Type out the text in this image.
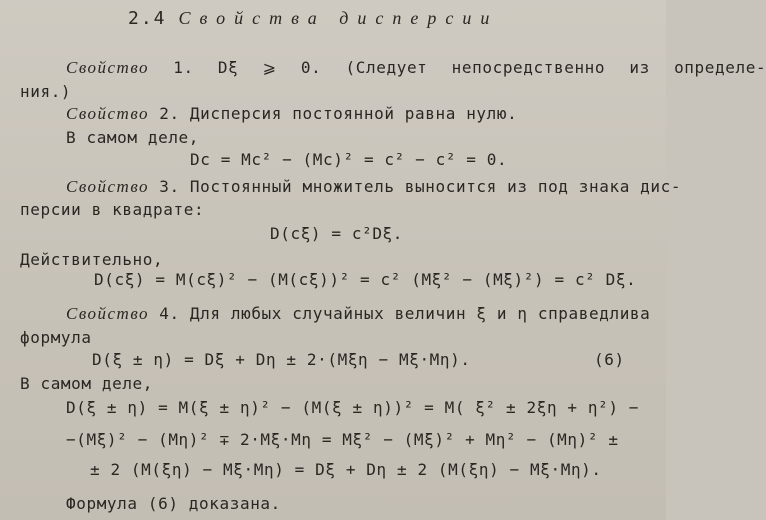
2.4 Свойства дисперсии
Свойство 1. Dξ ⩾ 0. (Следует непосредственно из определе-
ния.)
Свойство 2. Дисперсия постоянной равна нулю.
В самом деле,
Dc = Mc² − (Mc)² = c² − c² = 0.
Свойство 3. Постоянный множитель выносится из под знака дис-
персии в квадрате:
D(cξ) = c²Dξ.
Действительно,
D(cξ) = M(cξ)² − (M(cξ))² = c² (Mξ² − (Mξ)²) = c² Dξ.
Свойство 4. Для любых случайных величин ξ и η справедлива
формула
D(ξ ± η) = Dξ + Dη ± 2·(Mξη − Mξ·Mη).	(6)
В самом деле,
D(ξ ± η) = M(ξ ± η)² − (M(ξ ± η))² = M( ξ² ± 2ξη + η²) −
−(Mξ)² − (Mη)² ∓ 2·Mξ·Mη = Mξ² − (Mξ)² + Mη² − (Mη)² ±
± 2 (M(ξη) − Mξ·Mη) = Dξ + Dη ± 2 (M(ξη) − Mξ·Mη).
Формула (6) доказана.
